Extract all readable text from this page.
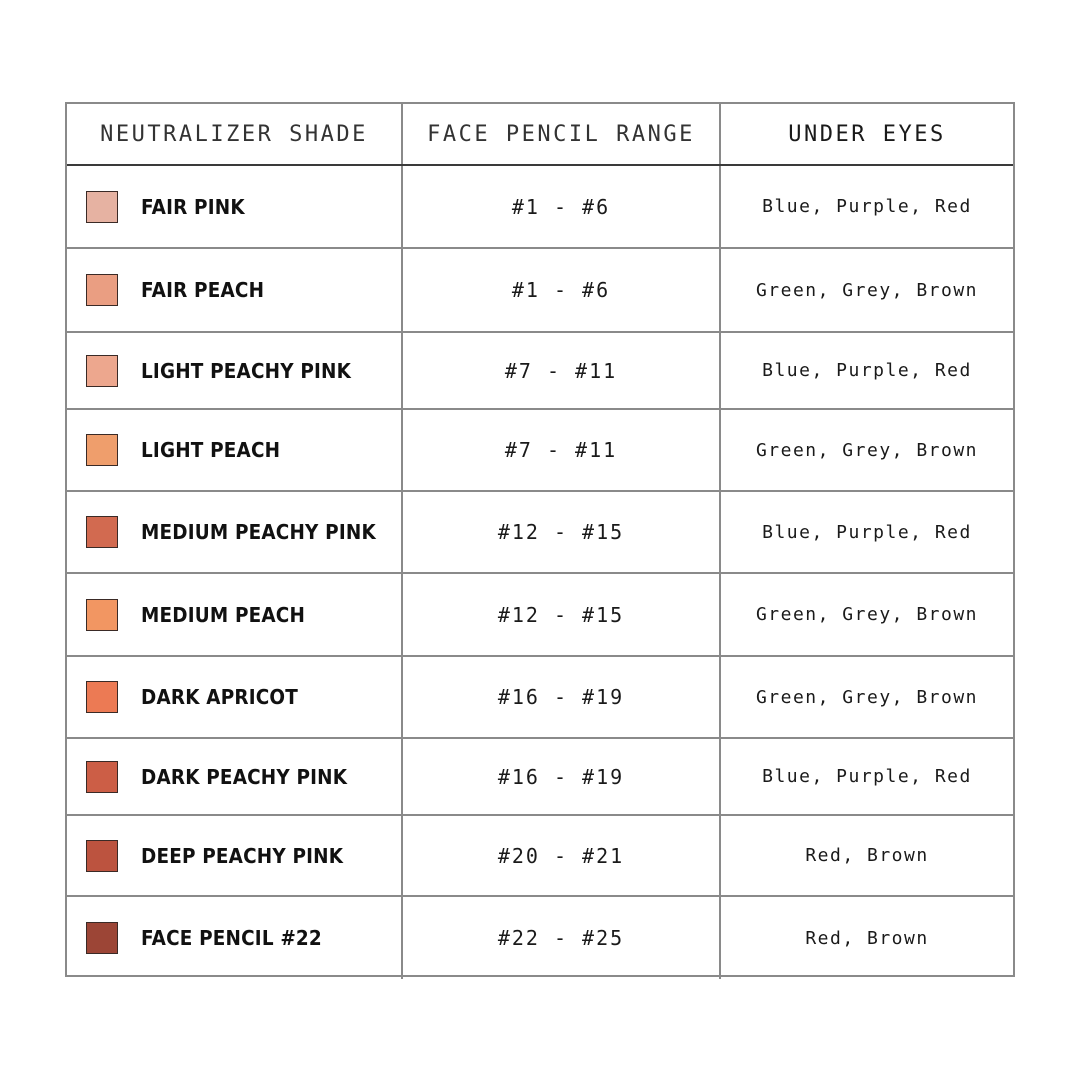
NEUTRALIZER SHADE	FACE PENCIL RANGE	UNDER EYES
FAIR PINK	#1 - #6	Blue, Purple, Red
FAIR PEACH	#1 - #6	Green, Grey, Brown
LIGHT PEACHY PINK	#7 - #11	Blue, Purple, Red
LIGHT PEACH	#7 - #11	Green, Grey, Brown
MEDIUM PEACHY PINK	#12 - #15	Blue, Purple, Red
MEDIUM PEACH	#12 - #15	Green, Grey, Brown
DARK APRICOT	#16 - #19	Green, Grey, Brown
DARK PEACHY PINK	#16 - #19	Blue, Purple, Red
DEEP PEACHY PINK	#20 - #21	Red, Brown
FACE PENCIL #22	#22 - #25	Red, Brown
